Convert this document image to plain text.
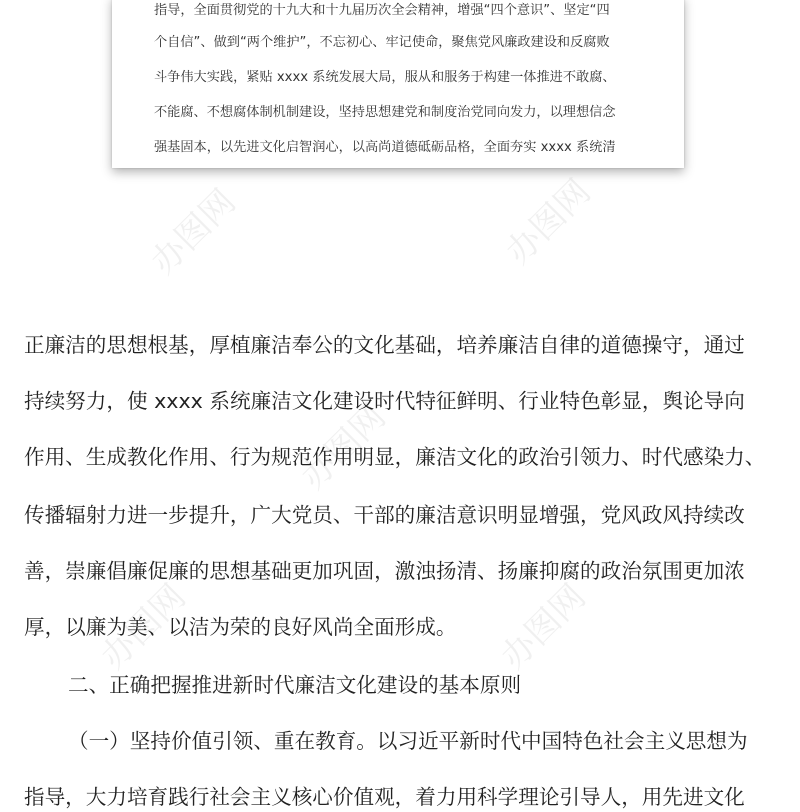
指导，全面贯彻党的十九大和十九届历次全会精神，增强“四个意识”、坚定“四
个自信”、做到“两个维护”，不忘初心、牢记使命，聚焦党风廉政建设和反腐败
斗争伟大实践，紧贴 xxxx 系统发展大局，服从和服务于构建一体推进不敢腐、
不能腐、不想腐体制机制建设，坚持思想建党和制度治党同向发力，以理想信念
强基固本，以先进文化启智润心，以高尚道德砥砺品格，全面夯实 xxxx 系统清
办图网	办图网
办图网
办图网	办图网
正廉洁的思想根基，厚植廉洁奉公的文化基础，培养廉洁自律的道德操守，通过
持续努力，使 xxxx 系统廉洁文化建设时代特征鲜明、行业特色彰显，舆论导向
作用、生成教化作用、行为规范作用明显，廉洁文化的政治引领力、时代感染力、
传播辐射力进一步提升，广大党员、干部的廉洁意识明显增强，党风政风持续改
善，崇廉倡廉促廉的思想基础更加巩固，激浊扬清、扬廉抑腐的政治氛围更加浓
厚，以廉为美、以洁为荣的良好风尚全面形成。
二、正确把握推进新时代廉洁文化建设的基本原则
（一）坚持价值引领、重在教育。以习近平新时代中国特色社会主义思想为
指导，大力培育践行社会主义核心价值观，着力用科学理论引导人，用先进文化
